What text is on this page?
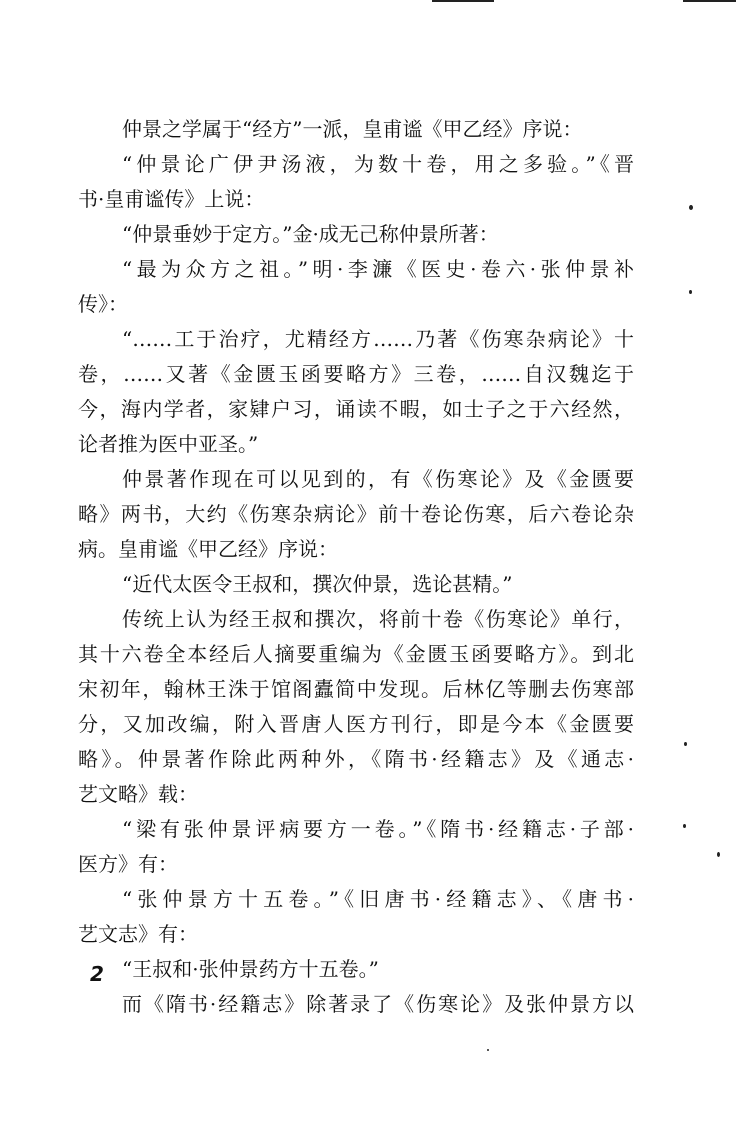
仲景之学属于“经方”一派，皇甫谧《甲乙经》序说：
“仲景论广伊尹汤液，为数十卷，用之多验。”《晋
书·皇甫谧传》上说：
“仲景垂妙于定方。”金·成无己称仲景所著：
“最为众方之祖。”明·李濂《医史·卷六·张仲景补
传》：
“……工于治疗，尤精经方……乃著《伤寒杂病论》十
卷，……又著《金匮玉函要略方》三卷，……自汉魏迄于
今，海内学者，家肄户习，诵读不暇，如士子之于六经然，
论者推为医中亚圣。”
仲景著作现在可以见到的，有《伤寒论》及《金匮要
略》两书，大约《伤寒杂病论》前十卷论伤寒，后六卷论杂
病。皇甫谧《甲乙经》序说：
“近代太医令王叔和，撰次仲景，选论甚精。”
传统上认为经王叔和撰次，将前十卷《伤寒论》单行，
其十六卷全本经后人摘要重编为《金匮玉函要略方》。到北
宋初年，翰林王洙于馆阁蠹简中发现。后林亿等删去伤寒部
分，又加改编，附入晋唐人医方刊行，即是今本《金匮要
略》。仲景著作除此两种外，《隋书·经籍志》及《通志·
艺文略》载：
“梁有张仲景评病要方一卷。”《隋书·经籍志·子部·
医方》有：
“张仲景方十五卷。”《旧唐书·经籍志》、《唐书·
艺文志》有：
“王叔和·张仲景药方十五卷。”
而《隋书·经籍志》除著录了《伤寒论》及张仲景方以
2
